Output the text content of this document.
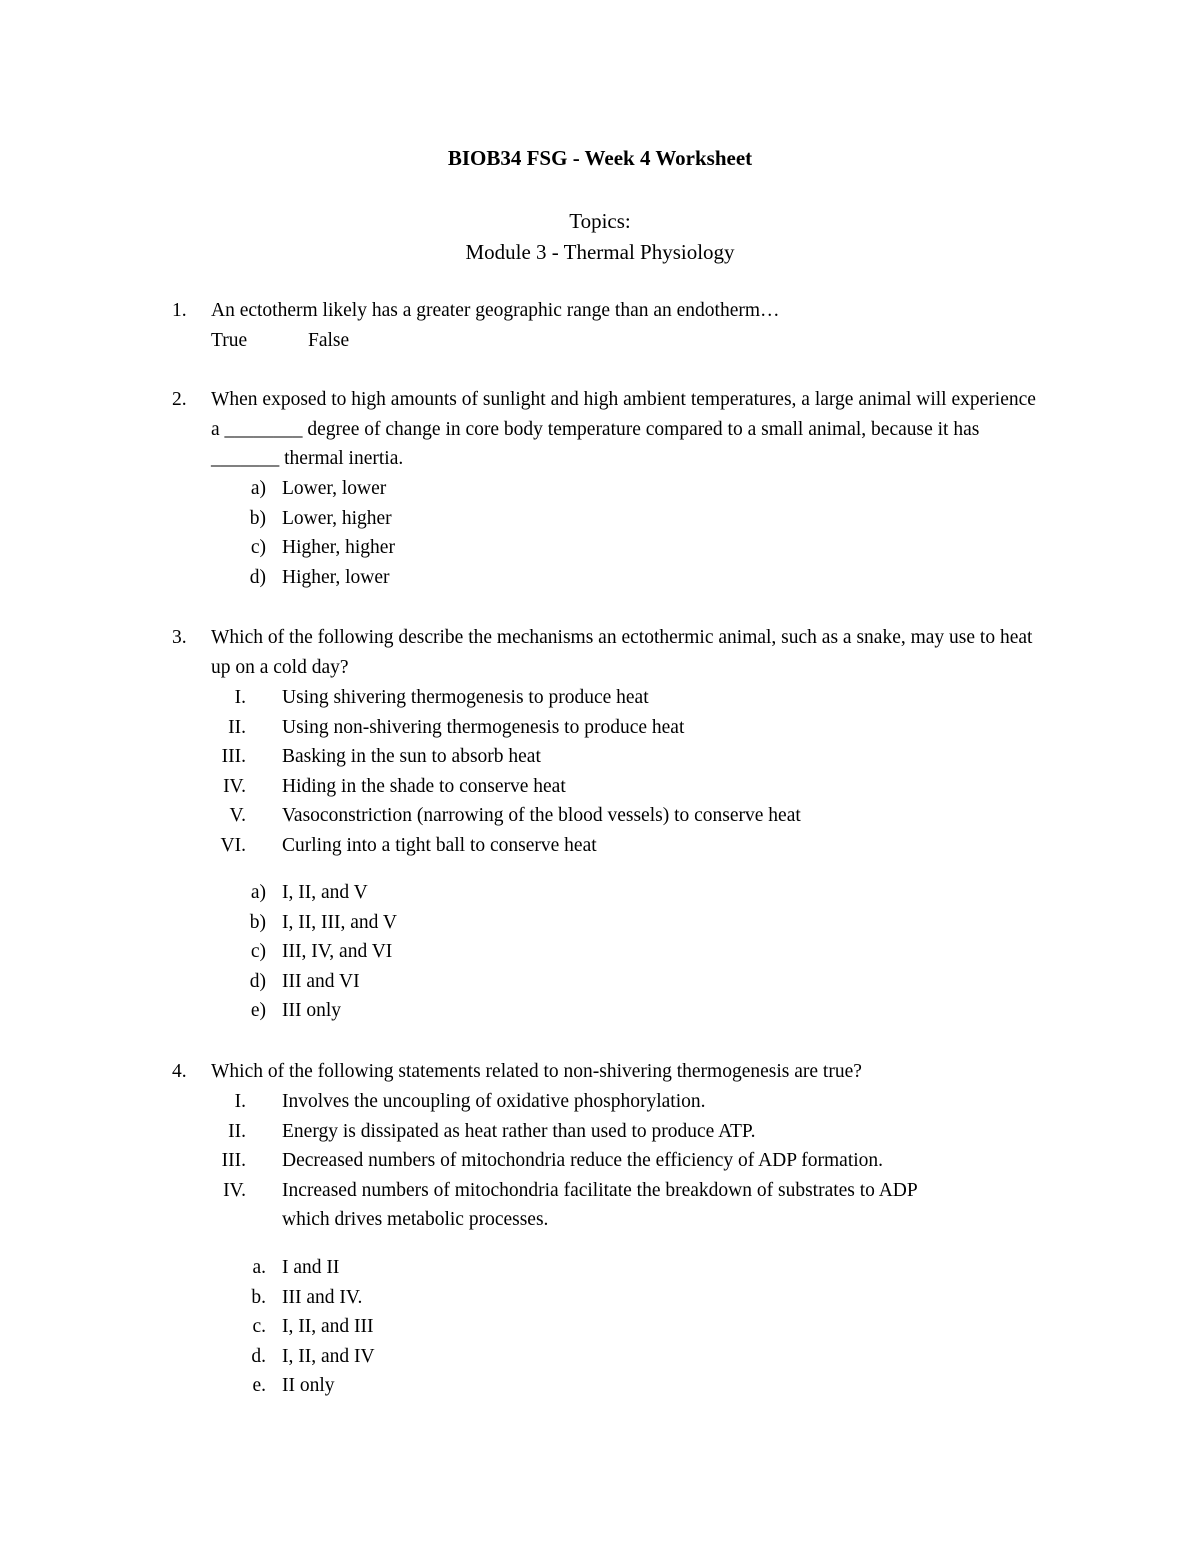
BIOB34 FSG - Week 4 Worksheet
Topics:
Module 3 - Thermal Physiology
1.	An ectotherm likely has a greater geographic range than an endotherm…
True	False
2.	When exposed to high amounts of sunlight and high ambient temperatures, a large animal will experience a ________ degree of change in core body temperature compared to a small animal, because it has _______ thermal inertia.
a) Lower, lower
b) Lower, higher
c) Higher, higher
d) Higher, lower
3.	Which of the following describe the mechanisms an ectothermic animal, such as a snake, may use to heat up on a cold day?
I. Using shivering thermogenesis to produce heat
II. Using non-shivering thermogenesis to produce heat
III. Basking in the sun to absorb heat
IV. Hiding in the shade to conserve heat
V. Vasoconstriction (narrowing of the blood vessels) to conserve heat
VI. Curling into a tight ball to conserve heat
a) I, II, and V
b) I, II, III, and V
c) III, IV, and VI
d) III and VI
e) III only
4.	Which of the following statements related to non-shivering thermogenesis are true?
I. Involves the uncoupling of oxidative phosphorylation.
II. Energy is dissipated as heat rather than used to produce ATP.
III. Decreased numbers of mitochondria reduce the efficiency of ADP formation.
IV. Increased numbers of mitochondria facilitate the breakdown of substrates to ADP
which drives metabolic processes.
a. I and II
b. III and IV.
c. I, II, and III
d. I, II, and IV
e. II only
